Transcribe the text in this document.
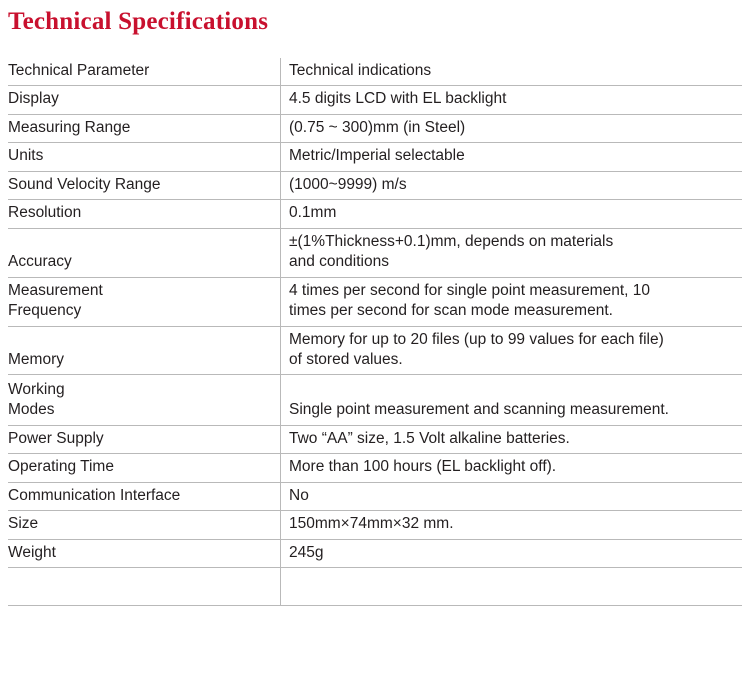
Technical Specifications
Technical Parameter	Technical indications
Display	4.5 digits LCD with EL backlight
Measuring Range	(0.75 ~ 300)mm (in Steel)
Units	Metric/Imperial selectable
Sound Velocity Range	(1000~9999) m/s
Resolution	0.1mm
Accuracy	±(1%Thickness+0.1)mm, depends on materials
and conditions

Measurement
Frequency	4 times per second for single point measurement, 10
times per second for scan mode measurement.

Memory	Memory for up to 20 files (up to 99 values for each file)
of stored values.

Working
Modes	Single point measurement and scanning measurement.

Power Supply	Two “AA” size, 1.5 Volt alkaline batteries.
Operating Time	More than 100 hours (EL backlight off).
Communication Interface	No
Size	150mm×74mm×32 mm.
Weight	245g
